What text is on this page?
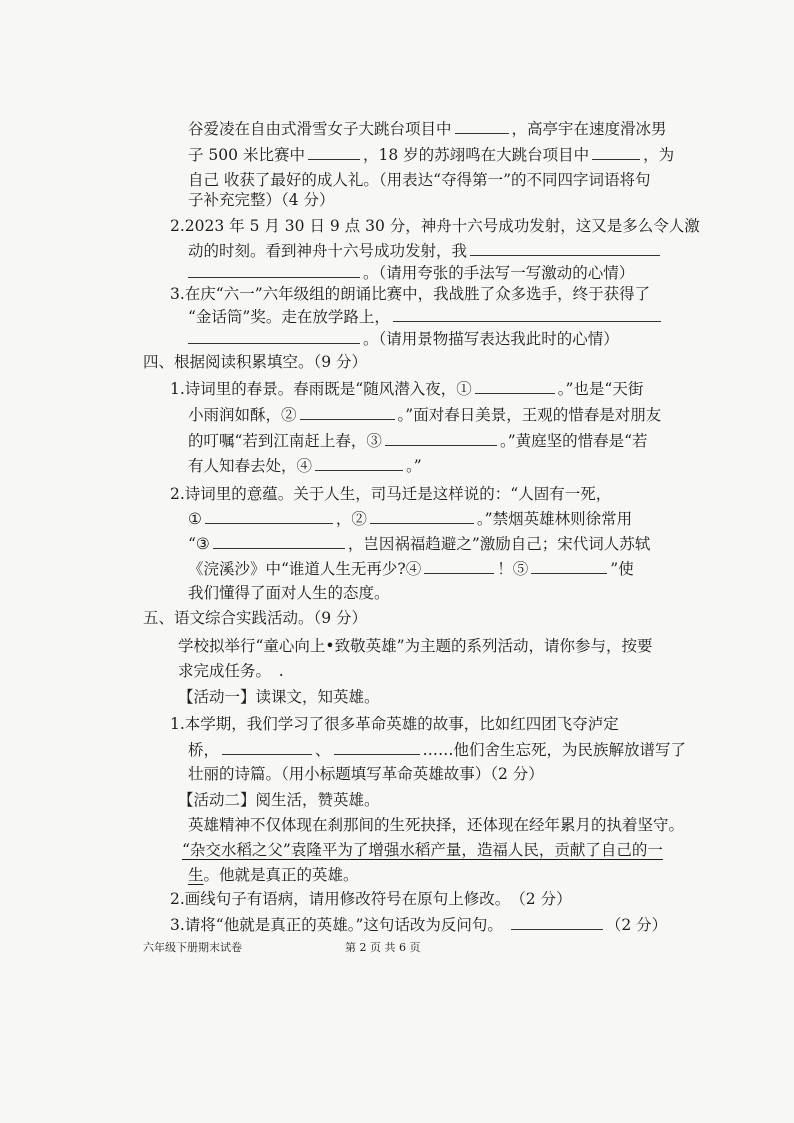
谷爱凌在自由式滑雪女子大跳台项目中	，高亭宇在速度滑冰男
子 500 米比赛中	，18 岁的苏翊鸣在大跳台项目中	，为
自己 收获了最好的成人礼。（用表达“夺得第一”的不同四字词语将句
子补充完整）（4 分）
2.2023 年 5 月 30 日 9 点 30 分，神舟十六号成功发射，这又是多么令人激
动的时刻。看到神舟十六号成功发射，我
。（请用夸张的手法写一写激动的心情）
3.在庆“六一”六年级组的朗诵比赛中，我战胜了众多选手，终于获得了
“金话筒”奖。走在放学路上，
。（请用景物描写表达我此时的心情）
四、根据阅读积累填空。（9 分）
1.诗词里的春景。春雨既是“随风潜入夜，①	。”也是“天街
小雨润如酥，②	。”面对春日美景，王观的惜春是对朋友
的叮嘱“若到江南赶上春，③	。”黄庭坚的惜春是“若
有人知春去处，④	。”
2.诗词里的意蕴。关于人生，司马迁是这样说的：“人固有一死，
①	，②	。”禁烟英雄林则徐常用
“③	，岂因祸福趋避之”激励自己；宋代词人苏轼
《浣溪沙》中“谁道人生无再少?④	！⑤	”使
我们懂得了面对人生的态度。
五、语文综合实践活动。（9 分）
学校拟举行“童心向上•致敬英雄”为主题的系列活动，请你参与，按要
求完成任务。　.
【活动一】读课文，知英雄。
1.本学期，我们学习了很多革命英雄的故事，比如红四团飞夺泸定
桥，	、	……他们舍生忘死，为民族解放谱写了
壮丽的诗篇。（用小标题填写革命英雄故事）（2 分）
【活动二】阅生活，赞英雄。
英雄精神不仅体现在刹那间的生死抉择，还体现在经年累月的执着坚守。
“杂交水稻之父”袁隆平为了增强水稻产量，造福人民，贡献了自己的一
生。他就是真正的英雄。
2.画线句子有语病，请用修改符号在原句上修改。　（2 分）
3.请将“他就是真正的英雄。”这句话改为反问句。	（2 分）
六年级下册期末试卷	第 2 页 共 6 页
